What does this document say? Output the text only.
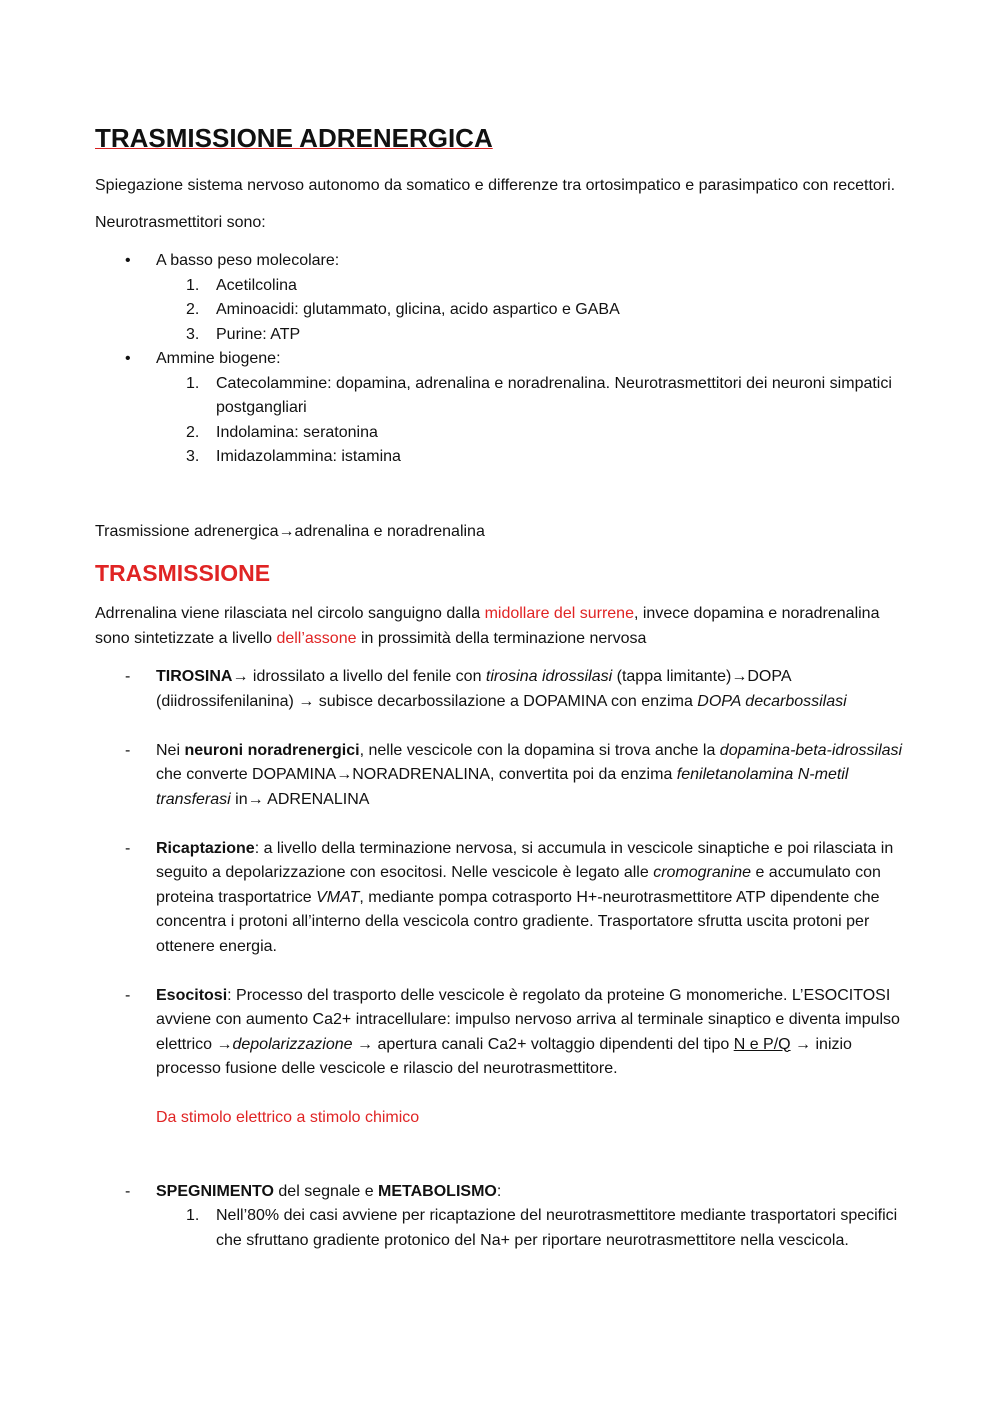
TRASMISSIONE ADRENERGICA

Spiegazione sistema nervoso autonomo da somatico e differenze tra ortosimpatico e parasimpatico con recettori.

Neurotrasmettitori sono:

• A basso peso molecolare:
1. Acetilcolina
2. Aminoacidi: glutammato, glicina, acido aspartico e GABA
3. Purine: ATP
• Ammine biogene:
1. Catecolammine: dopamina, adrenalina e noradrenalina. Neurotrasmettitori dei neuroni simpatici postgangliari
2. Indolamina: seratonina
3. Imidazolammina: istamina

Trasmissione adrenergica→adrenalina e noradrenalina

TRASMISSIONE

Adrrenalina viene rilasciata nel circolo sanguigno dalla midollare del surrene, invece dopamina e noradrenalina sono sintetizzate a livello dell’assone in prossimità della terminazione nervosa

- TIROSINA→ idrossilato a livello del fenile con tirosina idrossilasi (tappa limitante)→DOPA (diidrossifenilanina) → subisce decarbossilazione a DOPAMINA con enzima DOPA decarbossilasi
- Nei neuroni noradrenergici, nelle vescicole con la dopamina si trova anche la dopamina-beta-idrossilasi che converte DOPAMINA→NORADRENALINA, convertita poi da enzima feniletanolamina N-metil transferasi in→ ADRENALINA
- Ricaptazione: a livello della terminazione nervosa, si accumula in vescicole sinaptiche e poi rilasciata in seguito a depolarizzazione con esocitosi. Nelle vescicole è legato alle cromogranine e accumulato con proteina trasportatrice VMAT, mediante pompa cotrasporto H+-neurotrasmettitore ATP dipendente che concentra i protoni all’interno della vescicola contro gradiente. Trasportatore sfrutta uscita protoni per ottenere energia.
- Esocitosi: Processo del trasporto delle vescicole è regolato da proteine G monomeriche. L’ESOCITOSI avviene con aumento Ca2+ intracellulare: impulso nervoso arriva al terminale sinaptico e diventa impulso elettrico →depolarizzazione → apertura canali Ca2+ voltaggio dipendenti del tipo N e P/Q → inizio processo fusione delle vescicole e rilascio del neurotrasmettitore.
Da stimolo elettrico a stimolo chimico
- SPEGNIMENTO del segnale e METABOLISMO:
1. Nell’80% dei casi avviene per ricaptazione del neurotrasmettitore mediante trasportatori specifici che sfruttano gradiente protonico del Na+ per riportare neurotrasmettitore nella vescicola.
